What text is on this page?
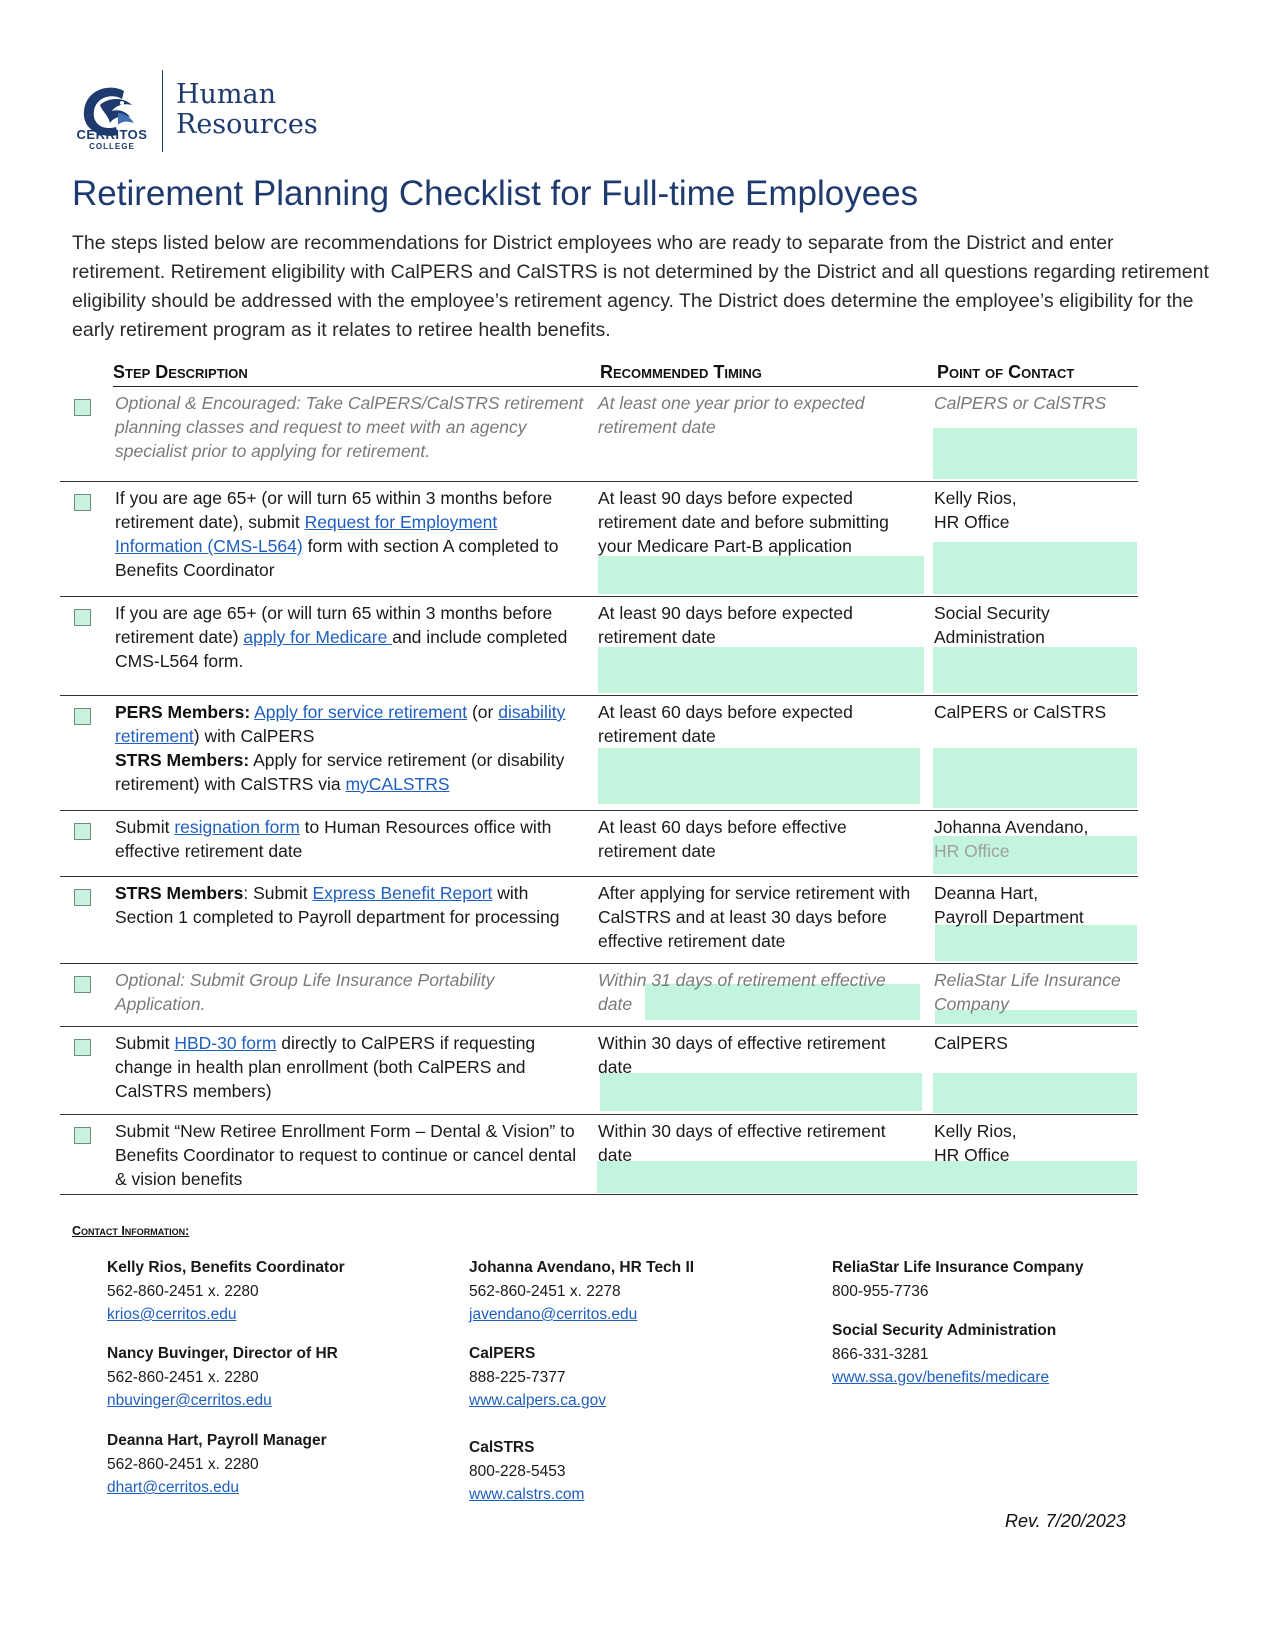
CERRITOS
COLLEGE
Human
Resources
Retirement Planning Checklist for Full-time Employees
The steps listed below are recommendations for District employees who are ready to separate from the District and enter retirement. Retirement eligibility with CalPERS and CalSTRS is not determined by the District and all questions regarding retirement eligibility should be addressed with the employee’s retirement agency. The District does determine the employee’s eligibility for the early retirement program as it relates to retiree health benefits.
Step Description	Recommended Timing	Point of Contact
Optional & Encouraged: Take CalPERS/CalSTRS retirement planning classes and request to meet with an agency specialist prior to applying for retirement.
At least one year prior to expected retirement date
CalPERS or CalSTRS
If you are age 65+ (or will turn 65 within 3 months before retirement date), submit Request for Employment Information (CMS-L564) form with section A completed to Benefits Coordinator
At least 90 days before expected retirement date and before submitting your Medicare Part-B application
Kelly Rios,
HR Office
If you are age 65+ (or will turn 65 within 3 months before retirement date) apply for Medicare and include completed CMS-L564 form.
At least 90 days before expected retirement date
Social Security
Administration
PERS Members: Apply for service retirement (or disability retirement) with CalPERS
STRS Members: Apply for service retirement (or disability retirement) with CalSTRS via myCALSTRS
At least 60 days before expected retirement date
CalPERS or CalSTRS
Submit resignation form to Human Resources office with effective retirement date
At least 60 days before effective retirement date
Johanna Avendano,
HR Office
STRS Members: Submit Express Benefit Report with Section 1 completed to Payroll department for processing
After applying for service retirement with CalSTRS and at least 30 days before effective retirement date
Deanna Hart,
Payroll Department
Optional: Submit Group Life Insurance Portability Application.
Within 31 days of retirement effective date
ReliaStar Life Insurance Company
Submit HBD-30 form directly to CalPERS if requesting change in health plan enrollment (both CalPERS and CalSTRS members)
Within 30 days of effective retirement date
CalPERS
Submit “New Retiree Enrollment Form – Dental & Vision” to Benefits Coordinator to request to continue or cancel dental & vision benefits
Within 30 days of effective retirement date
Kelly Rios,
HR Office
Contact Information:
Kelly Rios, Benefits Coordinator
562-860-2451 x. 2280
krios@cerritos.edu
Nancy Buvinger, Director of HR
562-860-2451 x. 2280
nbuvinger@cerritos.edu
Deanna Hart, Payroll Manager
562-860-2451 x. 2280
dhart@cerritos.edu
Johanna Avendano, HR Tech II
562-860-2451 x. 2278
javendano@cerritos.edu
CalPERS
888-225-7377
www.calpers.ca.gov
CalSTRS
800-228-5453
www.calstrs.com
ReliaStar Life Insurance Company
800-955-7736
Social Security Administration
866-331-3281
www.ssa.gov/benefits/medicare
Rev. 7/20/2023
